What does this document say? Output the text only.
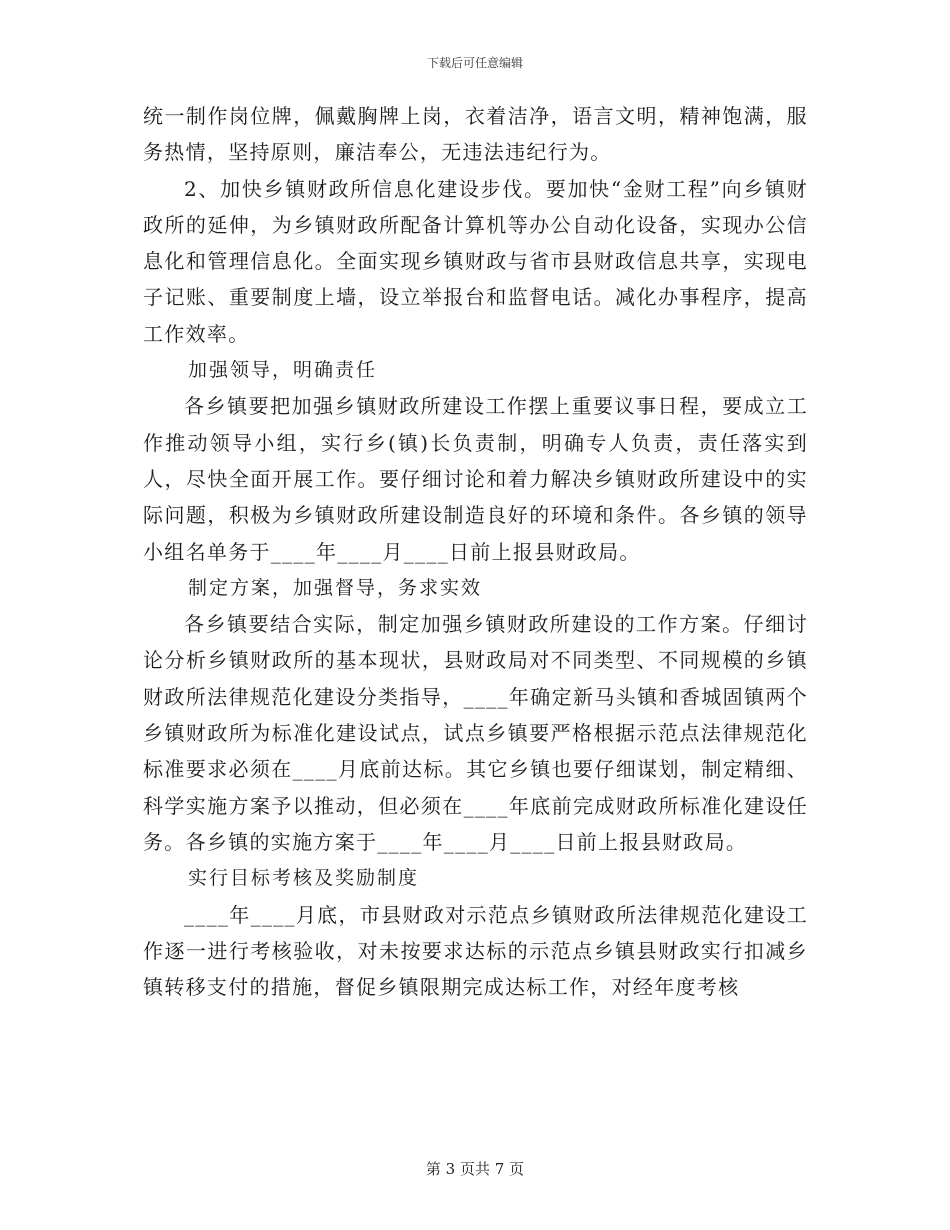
下载后可任意编辑

统一制作岗位牌，佩戴胸牌上岗，衣着洁净，语言文明，精神饱满，服务热情，坚持原则，廉洁奉公，无违法违纪行为。

2、加快乡镇财政所信息化建设步伐。要加快“金财工程”向乡镇财政所的延伸，为乡镇财政所配备计算机等办公自动化设备，实现办公信息化和管理信息化。全面实现乡镇财政与省市县财政信息共享，实现电子记账、重要制度上墙，设立举报台和监督电话。减化办事程序，提高工作效率。

加强领导，明确责任

各乡镇要把加强乡镇财政所建设工作摆上重要议事日程，要成立工作推动领导小组，实行乡(镇)长负责制，明确专人负责，责任落实到人，尽快全面开展工作。要仔细讨论和着力解决乡镇财政所建设中的实际问题，积极为乡镇财政所建设制造良好的环境和条件。各乡镇的领导小组名单务于____年____月____日前上报县财政局。

制定方案，加强督导，务求实效

各乡镇要结合实际，制定加强乡镇财政所建设的工作方案。仔细讨论分析乡镇财政所的基本现状，县财政局对不同类型、不同规模的乡镇财政所法律规范化建设分类指导，____年确定新马头镇和香城固镇两个乡镇财政所为标准化建设试点，试点乡镇要严格根据示范点法律规范化标准要求必须在____月底前达标。其它乡镇也要仔细谋划，制定精细、科学实施方案予以推动，但必须在____年底前完成财政所标准化建设任务。各乡镇的实施方案于____年____月____日前上报县财政局。

实行目标考核及奖励制度

____年____月底，市县财政对示范点乡镇财政所法律规范化建设工作逐一进行考核验收，对未按要求达标的示范点乡镇县财政实行扣减乡镇转移支付的措施，督促乡镇限期完成达标工作，对经年度考核

第 3 页共 7 页
